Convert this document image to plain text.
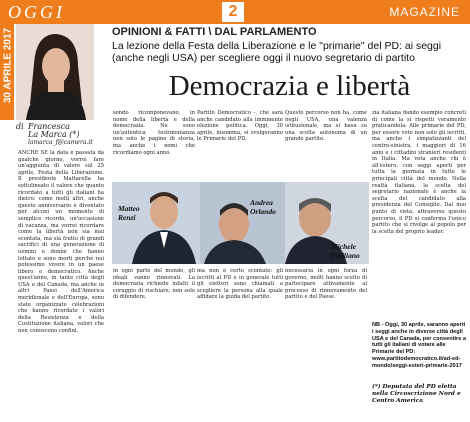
OGGI	2	MAGAZINE
30 APRILE 2017
di Francesca
La Marca (*)
lamarca_f@camera.it
OPINIONI & FATTI \ DAL PARLAMENTO
La lezione della Festa della Liberazione e le "primarie" del PD: ai seggi (anche negli USA) per scegliere oggi il nuovo segretario di partito
Democrazia e libertà
ANCHE SE la data è passata da qualche giorno, vorrei fare un'aggiunta di valore sul 25 aprile, Festa della Liberazione. Il presidente Mattarella ha sottolineato il valore che quanto ricordato a tutti gli italiani ha dietro: come molti altri, anche questo anniversario è diventato per alcuni un momento di semplice ricordo, un'occasione di vacanza, ma vorrei ricordare come la libertà non sia mai scontata, ma sia frutto di grandi sacrifici di una generazione di uomini e donne che hanno lottato e sono morti perché noi potessimo vivere in un paese libero e democratico. Anche quest'anno, in tante città degli USA e del Canada, ma anche in altri Paesi dell'America meridionale e dell'Europa, sono state organizzate celebrazioni che hanno ricordato i valori della Resistenza e della Costituzione italiana, valori che non conoscono confini.
sondo ricomponevano, in nome della libertà e della democrazia. Ne sono un'autentica testimonianza non solo le pagine di storia, ma anche i nomi che ricordiamo ogni anno.
Partito Democratico -, che sarà anche candidato alla imminente elezione politica. Oggi, 30 aprile, insomma, si svolgeranno le Primarie del PD.
Questo percorso non ha, come negli USA, una valenza istituzionale, ma si basa su una scelta autonoma di un grande partito.
zia italiana dando esempio concreti di come la si rispetti veramente praticandola. Alle primarie del PD, per essere voto non solo gli iscritti, ma anche i simpatizzanti del centro-sinistra, i maggiori di 16 anni e i cittadini stranieri residenti in Italia. Ma vota anche chi è all'estero, con seggi aperti per tutta la giornata in tutte le principali città del mondo. Nella realtà italiana, la scelta del segretario nazionale è anche la scelta del candidato alla presidenza del Consiglio. Dal mio punto di vista, attraverso questo percorso, il PD si conferma l'unico partito che si rivolge al popolo per la scelta del proprio leader.
in ogni parte del mondo, gli ideali vanno rinnovati. La democrazia richiede infatti il coraggio di rischiare, non solo di difendere.
ma non è certo scontato: gli iscritti al PD e in generale tutti gli elettori sono chiamati a scegliere la persona alla quale affidare la guida del partito.
necessaria in ogni forza di governo, molti hanno scelto di partecipare attivamente al processo di rinnovamento del partito e del Paese.
Matteo
Renzi
Andrea
Orlando
Michele
Emiliano
NB - Oggi, 30 aprile, saranno aperti i seggi anche in diverse città degli USA e del Canada, per consentire a tutti gli italiani di votare alle Primarie del PD: www.partitodemocratico.it/ad-ed-mondo/seggi-esteri-primarie-2017
(*) Deputata del PD eletta nella Circoscrizione Nord e Centro America
